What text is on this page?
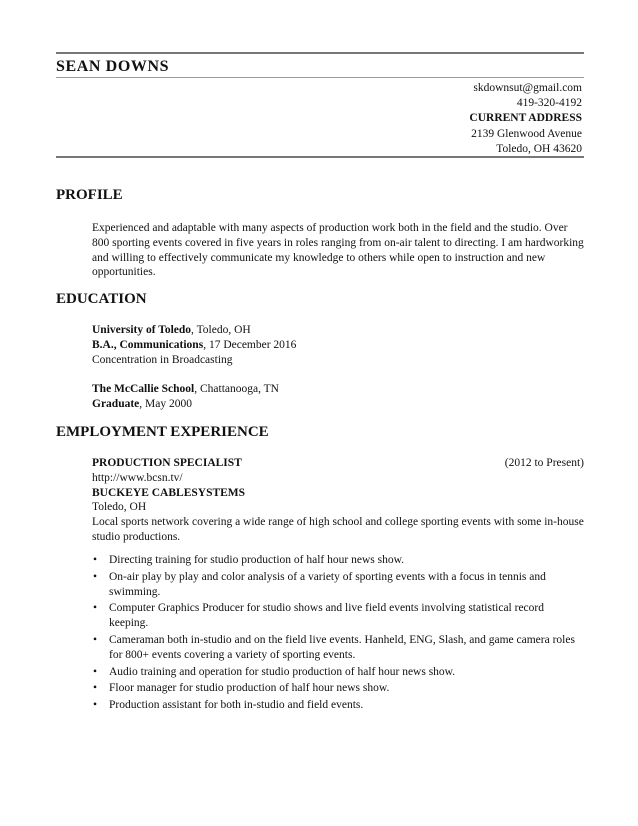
SEAN DOWNS
skdownsut@gmail.com
419-320-4192
CURRENT ADDRESS
2139 Glenwood Avenue
Toledo, OH 43620
PROFILE

Experienced and adaptable with many aspects of production work both in the field and the studio. Over 800 sporting events covered in five years in roles ranging from on-air talent to directing. I am hardworking and willing to effectively communicate my knowledge to others while open to instruction and new opportunities.

EDUCATION

University of Toledo, Toledo, OH

B.A., Communications, 17 December 2016

Concentration in Broadcasting

The McCallie School, Chattanooga, TN

Graduate, May 2000

EMPLOYMENT EXPERIENCE
PRODUCTION SPECIALIST	(2012 to Present)

http://www.bcsn.tv/

BUCKEYE CABLESYSTEMS

Toledo, OH

Local sports network covering a wide range of high school and college sporting events with some in-house studio productions.

• Directing training for studio production of half hour news show.
• On-air play by play and color analysis of a variety of sporting events with a focus in tennis and swimming.
• Computer Graphics Producer for studio shows and live field events involving statistical record keeping.
• Cameraman both in-studio and on the field live events. Hanheld, ENG, Slash, and game camera roles for 800+ events covering a variety of sporting events.
• Audio training and operation for studio production of half hour news show.
• Floor manager for studio production of half hour news show.
• Production assistant for both in-studio and field events.
